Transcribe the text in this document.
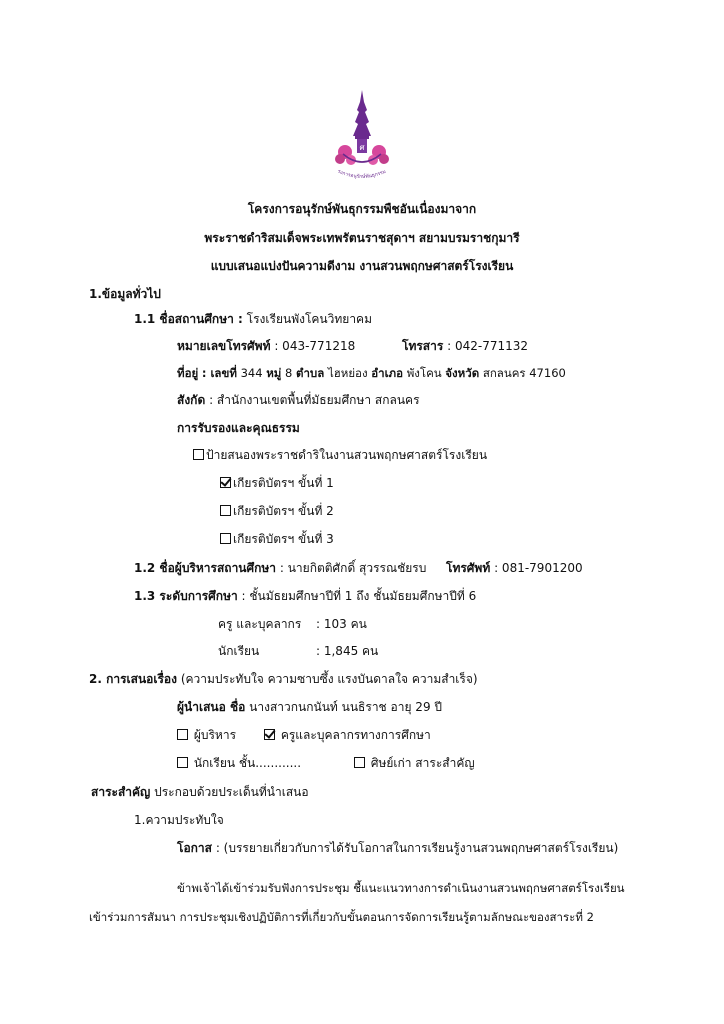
ศ
รงการอนุรักษ์พันธุกรรม
โครงการอนุรักษ์พันธุกรรมพืชอันเนื่องมาจาก
พระราชดำริสมเด็จพระเทพรัตนราชสุดาฯ สยามบรมราชกุมารี
แบบเสนอแบ่งปันความดีงาม งานสวนพฤกษศาสตร์โรงเรียน
1.ข้อมูลทั่วไป
1.1 ชื่อสถานศึกษา : โรงเรียนพังโคนวิทยาคม
หมายเลขโทรศัพท์ : 043-771218	โทรสาร : 042-771132
ที่อยู่ : เลขที่ 344 หมู่ 8 ตำบล ไฮหย่อง อำเภอ พังโคน จังหวัด สกลนคร 47160
สังกัด : สำนักงานเขตพื้นที่มัธยมศึกษา สกลนคร
การรับรองและคุณธรรม
ป้ายสนองพระราชดำริในงานสวนพฤกษศาสตร์โรงเรียน
เกียรติบัตรฯ ขั้นที่ 1
เกียรติบัตรฯ ขั้นที่ 2
เกียรติบัตรฯ ขั้นที่ 3
1.2 ชื่อผู้บริหารสถานศึกษา : นายกิตติศักดิ์ สุวรรณชัยรบ โทรศัพท์ : 081-7901200
1.3 ระดับการศึกษา : ชั้นมัธยมศึกษาปีที่ 1 ถึง ชั้นมัธยมศึกษาปีที่ 6
ครู และบุคลากร : 103 คน
นักเรียน	: 1,845 คน
2. การเสนอเรื่อง (ความประทับใจ ความซาบซึ้ง แรงบันดาลใจ ความสำเร็จ)
ผู้นำเสนอ ชื่อ นางสาวกนกนันท์ นนธิราช อายุ 29 ปี
ผู้บริหาร	ครูและบุคลากรทางการศึกษา
นักเรียน ชั้น............	ศิษย์เก่า สาระสำคัญ
สาระสำคัญ ประกอบด้วยประเด็นที่นำเสนอ
1.ความประทับใจ
โอกาส : (บรรยายเกี่ยวกับการได้รับโอกาสในการเรียนรู้งานสวนพฤกษศาสตร์โรงเรียน)
ข้าพเจ้าได้เข้าร่วมรับฟังการประชุม ชี้แนะแนวทางการดำเนินงานสวนพฤกษศาสตร์โรงเรียน
เข้าร่วมการสัมนา การประชุมเชิงปฏิบัติการที่เกี่ยวกับขั้นตอนการจัดการเรียนรู้ตามลักษณะของสาระที่ 2
